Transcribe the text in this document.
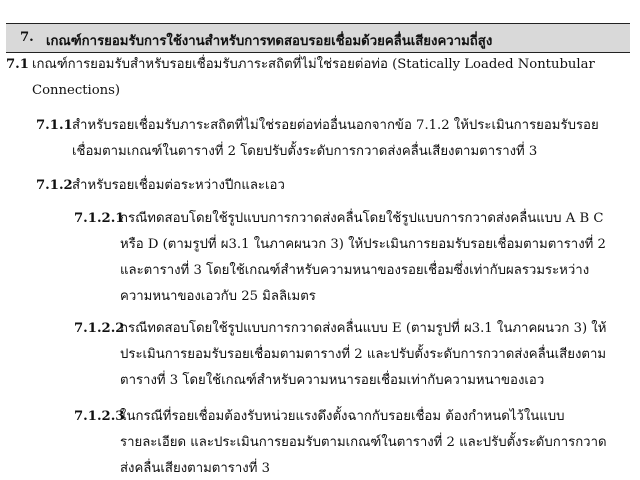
7. เกณฑ์การยอมรับการใช้งานสำหรับการทดสอบรอยเชื่อมด้วยคลื่นเสียงความถี่สูง
7.1 เกณฑ์การยอมรับสำหรับรอยเชื่อมรับภาระสถิตที่ไม่ใช่รอยต่อท่อ (Statically Loaded Nontubular
Connections)
7.1.1 สำหรับรอยเชื่อมรับภาระสถิตที่ไม่ใช่รอยต่อท่ออื่นนอกจากข้อ 7.1.2 ให้ประเมินการยอมรับรอย
เชื่อมตามเกณฑ์ในตารางที่ 2 โดยปรับตั้งระดับการกวาดส่งคลื่นเสียงตามตารางที่ 3
7.1.2 สำหรับรอยเชื่อมต่อระหว่างปีกและเอว
7.1.2.1
กรณีทดสอบโดยใช้รูปแบบการกวาดส่งคลื่นโดยใช้รูปแบบการกวาดส่งคลื่นแบบ A B C
หรือ D (ตามรูปที่ ผ3.1 ในภาคผนวก 3) ให้ประเมินการยอมรับรอยเชื่อมตามตารางที่ 2
และตารางที่ 3 โดยใช้เกณฑ์สำหรับความหนาของรอยเชื่อมซึ่งเท่ากับผลรวมระหว่าง
ความหนาของเอวกับ 25 มิลลิเมตร
7.1.2.2
กรณีทดสอบโดยใช้รูปแบบการกวาดส่งคลื่นแบบ E (ตามรูปที่ ผ3.1 ในภาคผนวก 3) ให้
ประเมินการยอมรับรอยเชื่อมตามตารางที่ 2 และปรับตั้งระดับการกวาดส่งคลื่นเสียงตาม
ตารางที่ 3 โดยใช้เกณฑ์สำหรับความหนารอยเชื่อมเท่ากับความหนาของเอว
7.1.2.3
ในกรณีที่รอยเชื่อมต้องรับหน่วยแรงดึงตั้งฉากกับรอยเชื่อม ต้องกำหนดไว้ในแบบ
รายละเอียด และประเมินการยอมรับตามเกณฑ์ในตารางที่ 2 และปรับตั้งระดับการกวาด
ส่งคลื่นเสียงตามตารางที่ 3
